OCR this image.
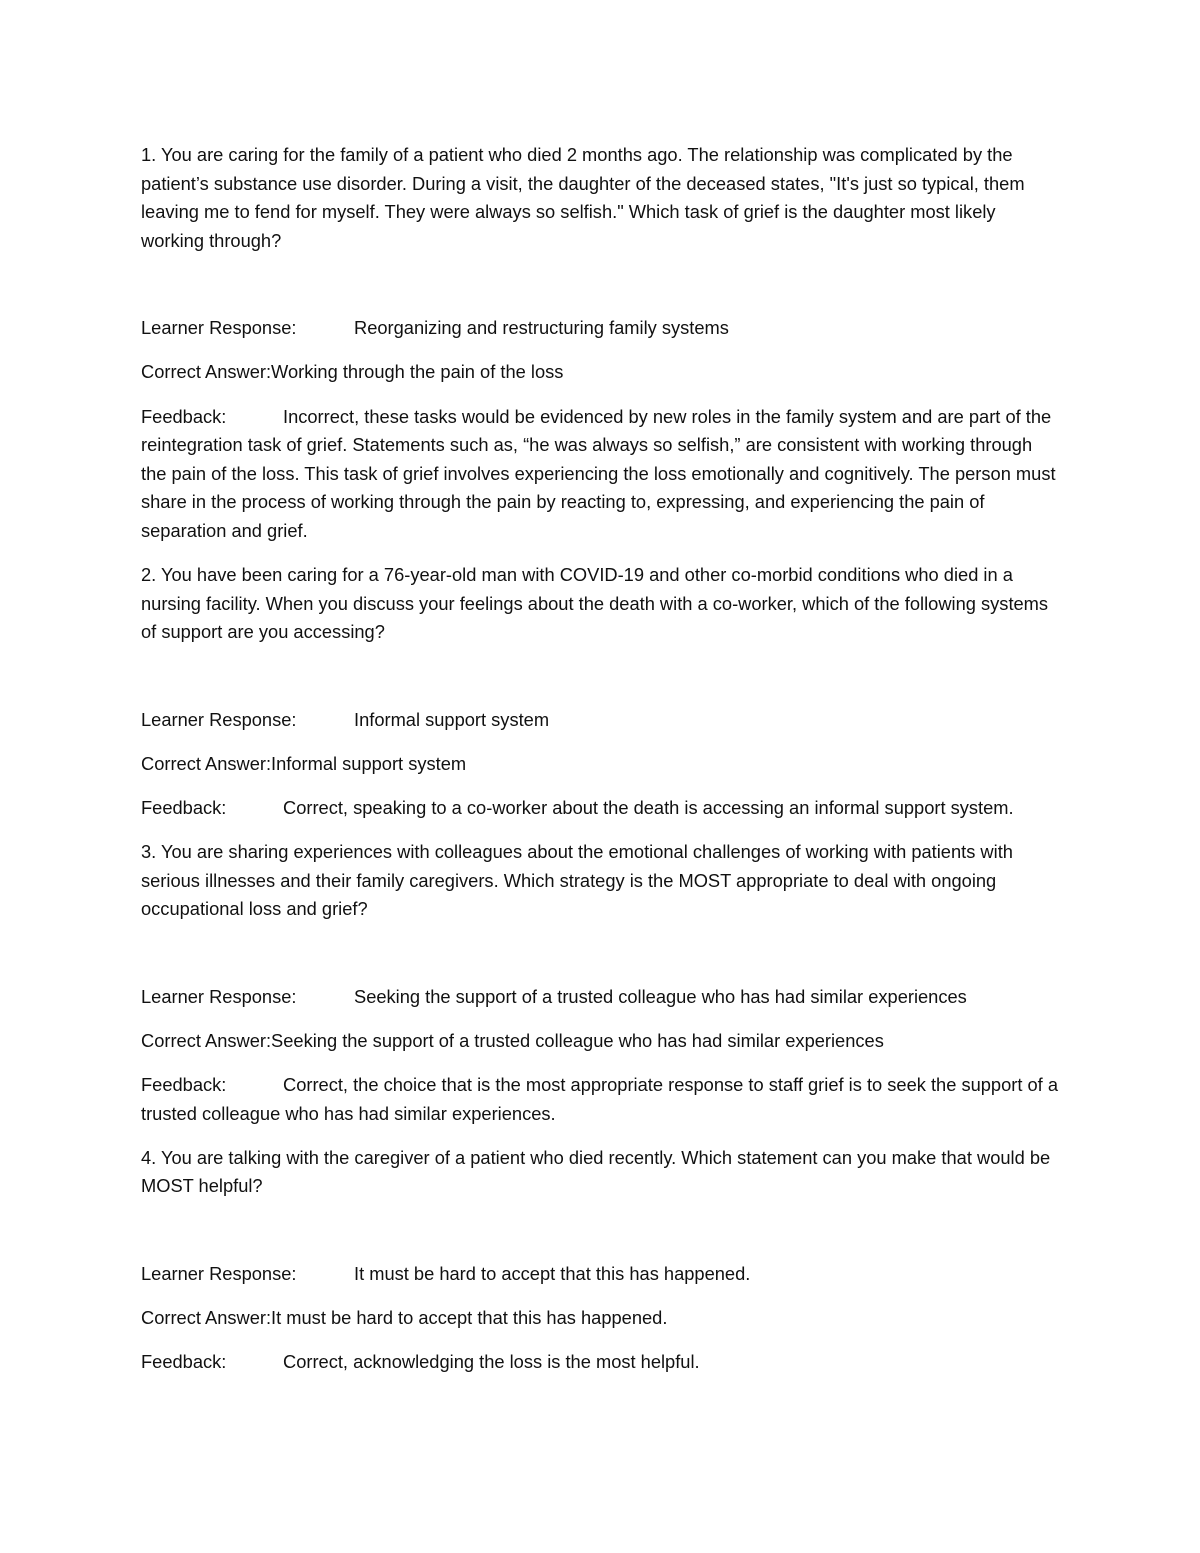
1. You are caring for the family of a patient who died 2 months ago. The relationship was complicated by the patient’s substance use disorder. During a visit, the daughter of the deceased states, "It's just so typical, them leaving me to fend for myself. They were always so selfish." Which task of grief is the daughter most likely working through?

Learner Response:	Reorganizing and restructuring family systems

Correct Answer:Working through the pain of the loss

Feedback:	Incorrect, these tasks would be evidenced by new roles in the family system and are part of the reintegration task of grief. Statements such as, “he was always so selfish,” are consistent with working through the pain of the loss. This task of grief involves experiencing the loss emotionally and cognitively. The person must share in the process of working through the pain by reacting to, expressing, and experiencing the pain of separation and grief.

2. You have been caring for a 76-year-old man with COVID-19 and other co-morbid conditions who died in a nursing facility. When you discuss your feelings about the death with a co-worker, which of the following systems of support are you accessing?

Learner Response:	Informal support system

Correct Answer:Informal support system

Feedback:	Correct, speaking to a co-worker about the death is accessing an informal support system.

3. You are sharing experiences with colleagues about the emotional challenges of working with patients with serious illnesses and their family caregivers. Which strategy is the MOST appropriate to deal with ongoing occupational loss and grief?

Learner Response:	Seeking the support of a trusted colleague who has had similar experiences

Correct Answer:Seeking the support of a trusted colleague who has had similar experiences

Feedback:	Correct, the choice that is the most appropriate response to staff grief is to seek the support of a trusted colleague who has had similar experiences.

4. You are talking with the caregiver of a patient who died recently. Which statement can you make that would be MOST helpful?

Learner Response:	It must be hard to accept that this has happened.

Correct Answer:It must be hard to accept that this has happened.

Feedback:	Correct, acknowledging the loss is the most helpful.
